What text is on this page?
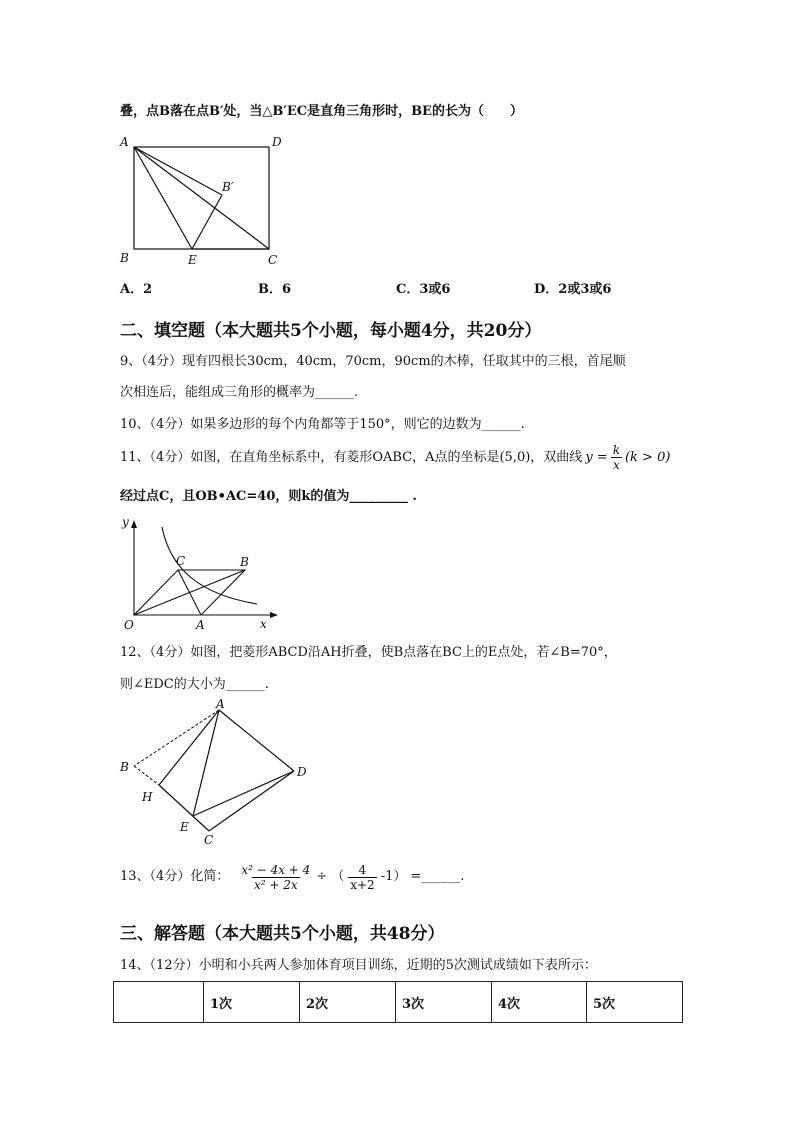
叠，点B落在点B′处，当△B′EC是直角三角形时，BE的长为（　　）
A	D
B	E	C
B′
A．2	B．6	C．3或6	D．2或3或6
二、填空题（本大题共5个小题，每小题4分，共20分）
9、（4分）现有四根长30cm，40cm，70cm，90cm的木棒，任取其中的三根，首尾顺
次相连后，能组成三角形的概率为______.
10、（4分）如果多边形的每个内角都等于150°，则它的边数为______.
11、（4分）如图，在直角坐标系中，有菱形OABC，A点的坐标是(5,0)，双曲线 $y = \frac{k}{x} (k > 0)$
经过点C，且OB•AC=40，则k的值为_________ .
y
x
O	A
B
C
12、（4分）如图，把菱形ABCD沿AH折叠，使B点落在BC上的E点处，若∠B=70°，
则∠EDC的大小为______.
A
B	D
H
E
C
13、（4分）化简： $\frac{\text{x² − 4x + 4}}{\text{x² + 2x}}$ ÷ （ $\frac{4}{x+2} -1$） =______.
三、解答题（本大题共5个小题，共48分）
14、（12分）小明和小兵两人参加体育项目训练，近期的5次测试成绩如下表所示：
	1次	2次	3次	4次	5次
